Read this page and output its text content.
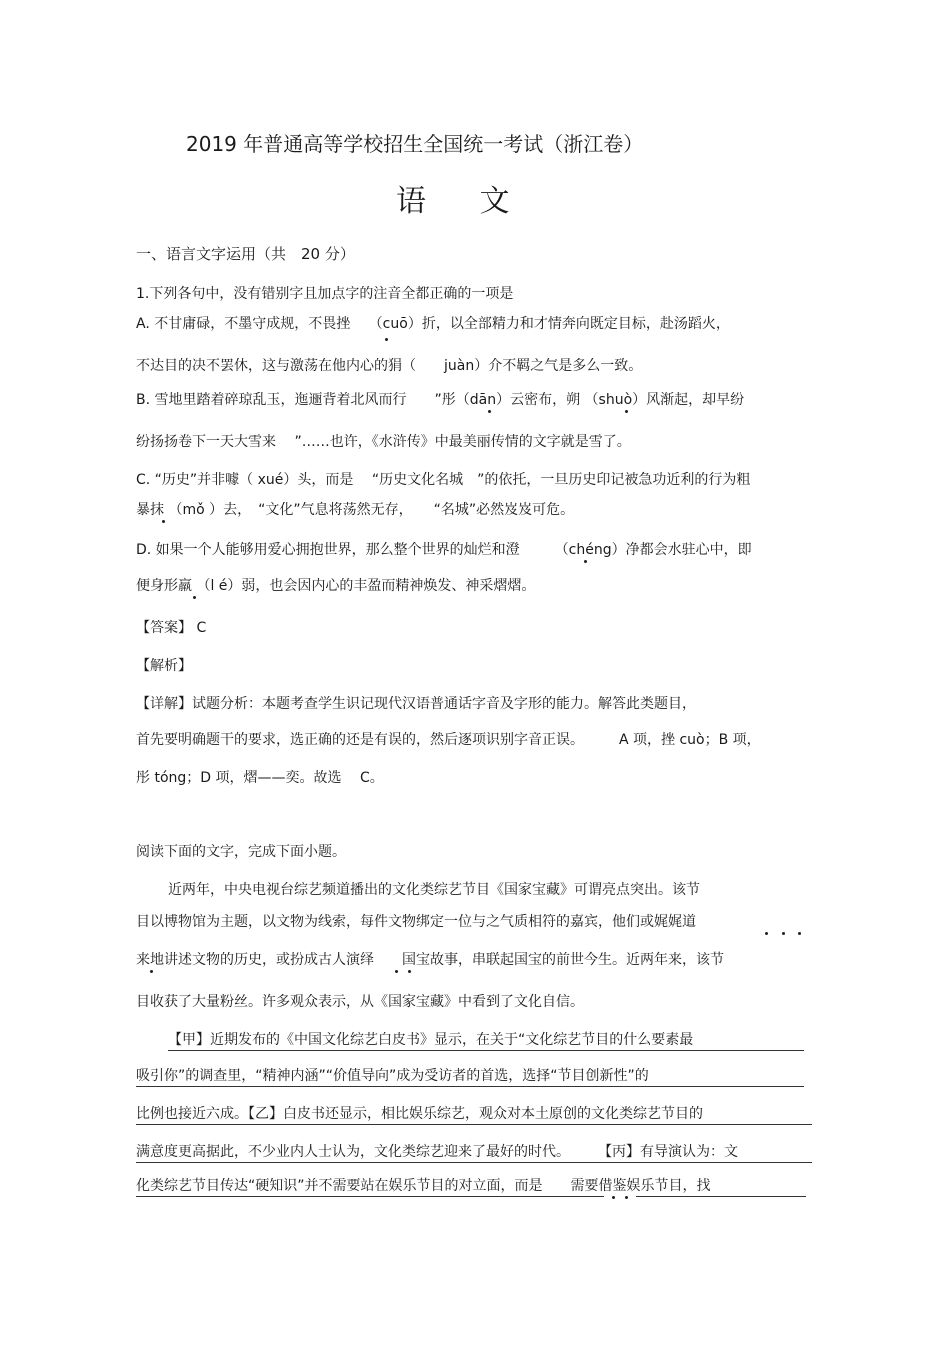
2019 年普通高等学校招生全国统一考试（浙江卷）
语 文
一、语言文字运用（共　20 分）
1.下列各句中，没有错别字且加点字的注音全都正确的一项是
A. 不甘庸碌，不墨守成规，不畏挫　 （cuō）折，以全部精力和才情奔向既定目标，赴汤蹈火，
不达目的决不罢休，这与激荡在他内心的狷（　　juàn）介不羁之气是多么一致。
B. 雪地里踏着碎琼乱玉，迤逦背着北风而行　　”彤（dān）云密布，朔 （shuò）风渐起，却早纷
纷扬扬卷下一天大雪来　 ”……也许，《水浒传》中最美丽传情的文字就是雪了。
C. “历史”并非噱（ xué）头，而是　 “历史文化名城　”的依托，一旦历史印记被急功近利的行为粗
暴抹 （mǒ ）去，　“文化”气息将荡然无存，　　“名城”必然岌岌可危。
D. 如果一个人能够用爱心拥抱世界，那么整个世界的灿烂和澄　　　（chéng）净都会水驻心中，即
便身形羸 （l é）弱，也会因内心的丰盈而精神焕发、神采熠熠。
【答案】 C
【解析】
【详解】试题分析：本题考查学生识记现代汉语普通话字音及字形的能力。解答此类题目，
首先要明确题干的要求，选正确的还是有误的，然后逐项识别字音正误。　　　A 项，挫 cuò；B 项，
彤 tóng；D 项，熠——奕。故选　 C。
阅读下面的文字，完成下面小题。
近两年，中央电视台综艺频道播出的文化类综艺节目《国家宝藏》可谓亮点突出。该节
目以博物馆为主题，以文物为线索，每件文物绑定一位与之气质相符的嘉宾，他们或娓娓道
来地讲述文物的历史，或扮成古人演绎　　国宝故事，串联起国宝的前世今生。近两年来，该节
目收获了大量粉丝。许多观众表示，从《国家宝藏》中看到了文化自信。
【甲】近期发布的《中国文化综艺白皮书》显示，在关于“文化综艺节目的什么要素最
吸引你”的调查里，“精神内涵”“价值导向”成为受访者的首选，选择“节目创新性”的
比例也接近六成。【乙】白皮书还显示，相比娱乐综艺，观众对本土原创的文化类综艺节目的
满意度更高据此，不少业内人士认为，文化类综艺迎来了最好的时代。　　　【丙】有导演认为：文
化类综艺节目传达“硬知识”并不需要站在娱乐节目的对立面，而是　　需要借鉴娱乐节目，找
